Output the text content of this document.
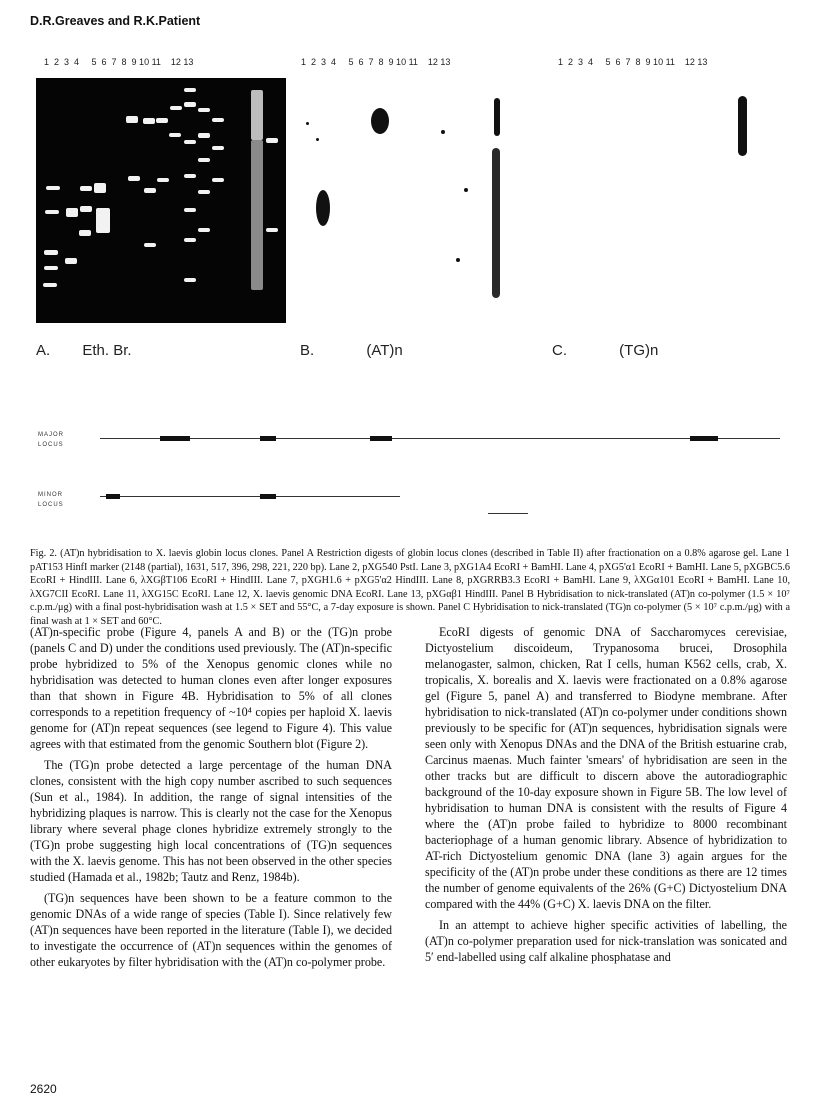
D.R.Greaves and R.K.Patient
1  2  3  4     5  6  7  8  9 10 11    12 13	1  2  3  4     5  6  7  8  9 10 11    12 13	1  2  3  4     5  6  7  8  9 10 11    12 13
A. Eth. Br.	B.	(AT)n	C.	(TG)n
MAJOR
LOCUS
MINOR
LOCUS
Fig. 2. (AT)n hybridisation to X. laevis globin locus clones. Panel A Restriction digests of globin locus clones (described in Table II) after fractionation on a 0.8% agarose gel. Lane 1 pAT153 HinfI marker (2148 (partial), 1631, 517, 396, 298, 221, 220 bp). Lane 2, pXG540 PstI. Lane 3, pXG1A4 EcoRI + BamHI. Lane 4, pXG5'α1 EcoRI + BamHI. Lane 5, pXGBC5.6 EcoRI + HindIII. Lane 6, λXGβT106 EcoRI + HindIII. Lane 7, pXGH1.6 + pXG5'α2 HindIII. Lane 8, pXGRRB3.3 EcoRI + BamHI. Lane 9, λXGα101 EcoRI + BamHI. Lane 10, λXG7CII EcoRI. Lane 11, λXG15C EcoRI. Lane 12, X. laevis genomic DNA EcoRI. Lane 13, pXGαβ1 HindIII. Panel B Hybridisation to nick-translated (AT)n co-polymer (1.5 × 10⁷ c.p.m./μg) with a final post-hybridisation wash at 1.5 × SET and 55°C, a 7-day exposure is shown. Panel C Hybridisation to nick-translated (TG)n co-polymer (5 × 10⁷ c.p.m./μg) with a final wash at 1 × SET and 60°C.

(AT)n-specific probe (Figure 4, panels A and B) or the (TG)n probe (panels C and D) under the conditions used previously. The (AT)n-specific probe hybridized to 5% of the Xenopus genomic clones while no hybridisation was detected to human clones even after longer exposures than that shown in Figure 4B. Hybridisation to 5% of all clones corresponds to a repetition frequency of ~10⁴ copies per haploid X. laevis genome for (AT)n repeat sequences (see legend to Figure 4). This value agrees with that estimated from the genomic Southern blot (Figure 2).

The (TG)n probe detected a large percentage of the human DNA clones, consistent with the high copy number ascribed to such sequences (Sun et al., 1984). In addition, the range of signal intensities of the hybridizing plaques is narrow. This is clearly not the case for the Xenopus library where several phage clones hybridize extremely strongly to the (TG)n probe suggesting high local concentrations of (TG)n sequences with the X. laevis genome. This has not been observed in the other species studied (Hamada et al., 1982b; Tautz and Renz, 1984b).

(TG)n sequences have been shown to be a feature common to the genomic DNAs of a wide range of species (Table I). Since relatively few (AT)n sequences have been reported in the literature (Table I), we decided to investigate the occurrence of (AT)n sequences within the genomes of other eukaryotes by filter hybridisation with the (AT)n co-polymer probe.

EcoRI digests of genomic DNA of Saccharomyces cerevisiae, Dictyostelium discoideum, Trypanosoma brucei, Drosophila melanogaster, salmon, chicken, Rat I cells, human K562 cells, crab, X. tropicalis, X. borealis and X. laevis were fractionated on a 0.8% agarose gel (Figure 5, panel A) and transferred to Biodyne membrane. After hybridisation to nick-translated (AT)n co-polymer under conditions shown previously to be specific for (AT)n sequences, hybridisation signals were seen only with Xenopus DNAs and the DNA of the British estuarine crab, Carcinus maenas. Much fainter 'smears' of hybridisation are seen in the other tracks but are difficult to discern above the autoradiographic background of the 10-day exposure shown in Figure 5B. The low level of hybridisation to human DNA is consistent with the results of Figure 4 where the (AT)n probe failed to hybridize to 8000 recombinant bacteriophage of a human genomic library. Absence of hybridization to AT-rich Dictyostelium genomic DNA (lane 3) again argues for the specificity of the (AT)n probe under these conditions as there are 12 times the number of genome equivalents of the 26% (G+C) Dictyostelium DNA compared with the 44% (G+C) X. laevis DNA on the filter.

In an attempt to achieve higher specific activities of labelling, the (AT)n co-polymer preparation used for nick-translation was sonicated and 5′ end-labelled using calf alkaline phosphatase and

2620
